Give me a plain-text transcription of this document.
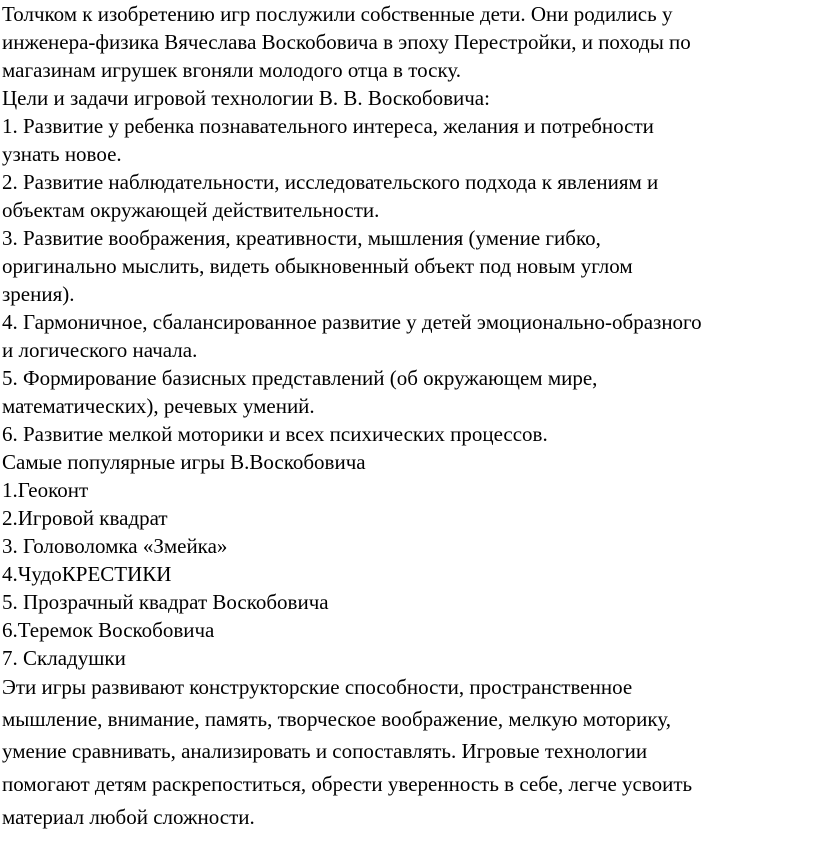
Толчком к изобретению игр послужили собственные дети. Они родились у
инженера-физика Вячеслава Воскобовича в эпоху Перестройки, и походы по
магазинам игрушек вгоняли молодого отца в тоску.
Цели и задачи игровой технологии В. В. Воскобовича:
1. Развитие у ребенка познавательного интереса, желания и потребности
узнать новое.
2. Развитие наблюдательности, исследовательского подхода к явлениям и
объектам окружающей действительности.
3. Развитие воображения, креативности, мышления (умение гибко,
оригинально мыслить, видеть обыкновенный объект под новым углом
зрения).
4. Гармоничное, сбалансированное развитие у детей эмоционально-образного
и логического начала.
5. Формирование базисных представлений (об окружающем мире,
математических), речевых умений.
6. Развитие мелкой моторики и всех психических процессов.
Самые популярные игры В.Воскобовича
1.Геоконт
2.Игровой квадрат
3. Головоломка «Змейка»
4.ЧудоКРЕСТИКИ
5. Прозрачный квадрат Воскобовича
6.Теремок Воскобовича
7. Складушки
Эти игры развивают конструкторские способности, пространственное
мышление, внимание, память, творческое воображение, мелкую моторику,
умение сравнивать, анализировать и сопоставлять. Игровые технологии
помогают детям раскрепоститься, обрести уверенность в себе, легче усвоить
материал любой сложности.
